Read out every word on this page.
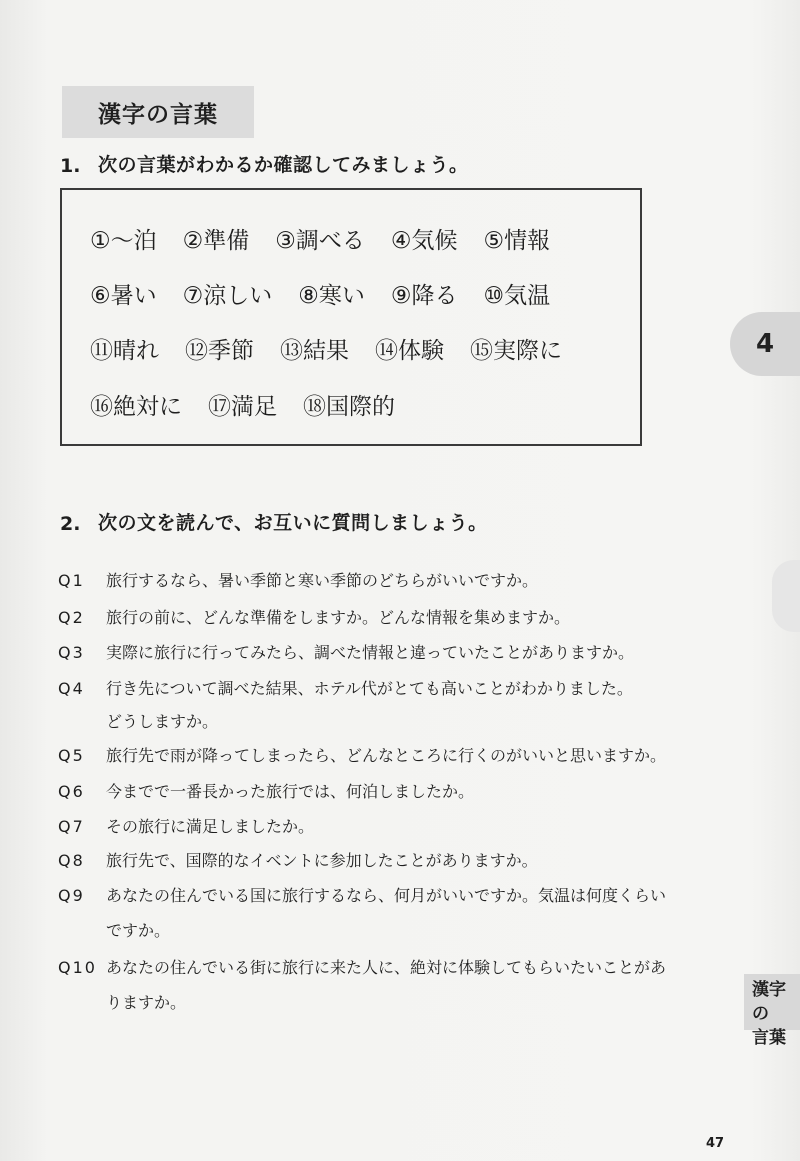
漢字の言葉
1. 次の言葉がわかるか確認してみましょう。
①～泊 ②準備 ③調べる ④気候 ⑤情報
⑥暑い ⑦涼しい ⑧寒い ⑨降る ⑩気温
⑪晴れ ⑫季節 ⑬結果 ⑭体験 ⑮実際に
⑯絶対に ⑰満足 ⑱国際的
2. 次の文を読んで、お互いに質問しましょう。
Q1	旅行するなら、暑い季節と寒い季節のどちらがいいですか。
Q2	旅行の前に、どんな準備をしますか。どんな情報を集めますか。
Q3	実際に旅行に行ってみたら、調べた情報と違っていたことがありますか。
Q4	行き先について調べた結果、ホテル代がとても高いことがわかりました。
どうしますか。
Q5	旅行先で雨が降ってしまったら、どんなところに行くのがいいと思いますか。
Q6	今までで一番長かった旅行では、何泊しましたか。
Q7	その旅行に満足しましたか。
Q8	旅行先で、国際的なイベントに参加したことがありますか。
Q9	あなたの住んでいる国に旅行するなら、何月がいいですか。気温は何度くらい
ですか。
Q10 あなたの住んでいる街に旅行に来た人に、絶対に体験してもらいたいことがあ
りますか。
4
漢字の
言葉
47
